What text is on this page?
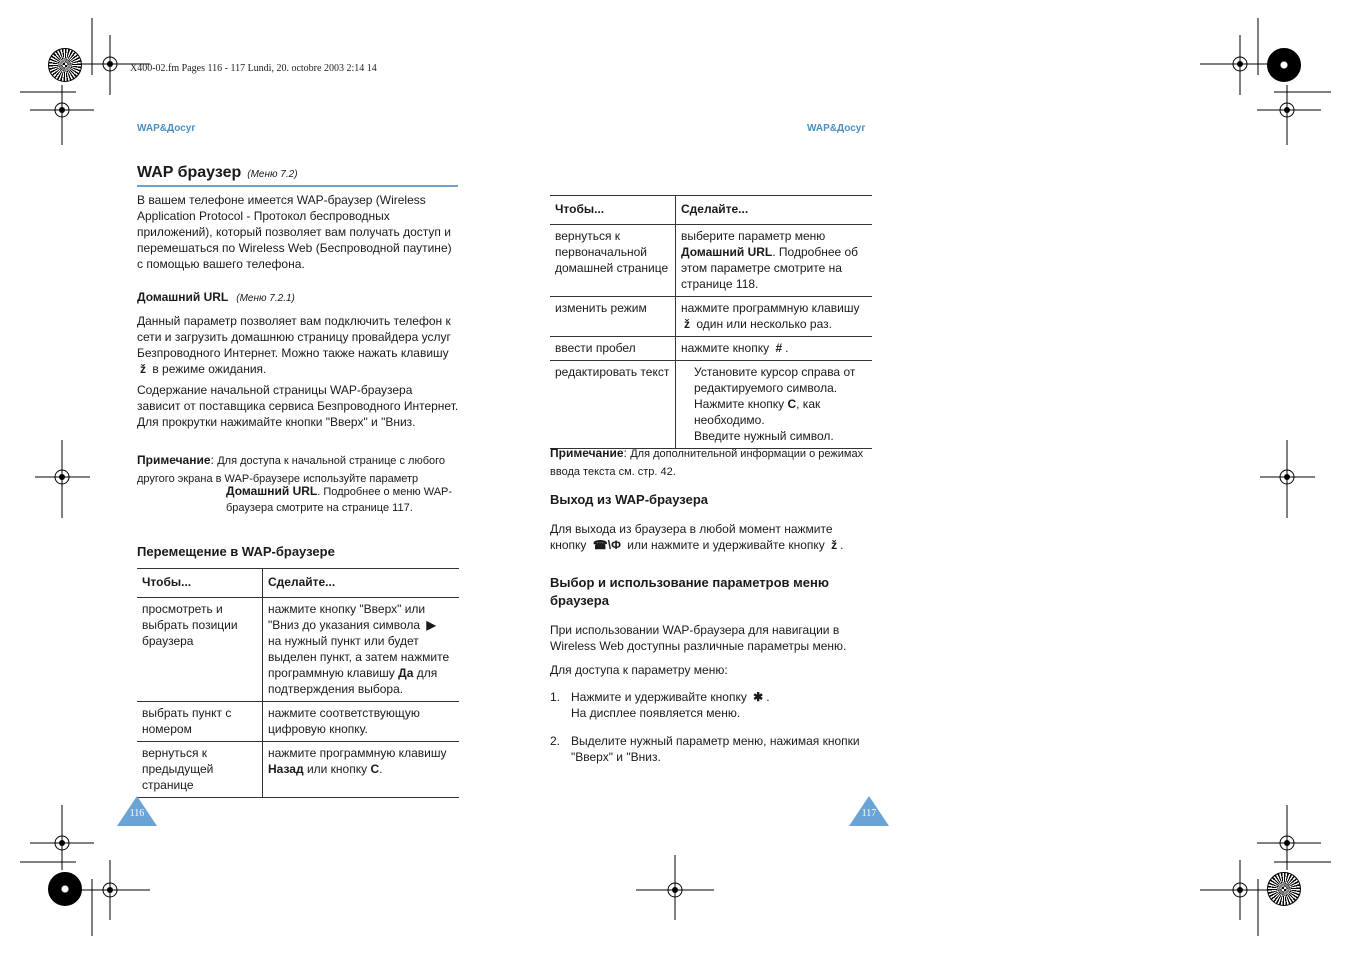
X400-02.fm Pages 116 - 117 Lundi, 20. octobre 2003 2:14 14
WAP&Досуг
WAP браузер (Меню 7.2)

В вашем телефоне имеется WAP-браузер (Wireless Application Protocol - Протокол беспроводных приложений), который позволяет вам получать доступ и перемешаться по Wireless Web (Беспроводной паутине) с помощью вашего телефона.

Домашний URL (Меню 7.2.1)

Данный параметр позволяет вам подключить телефон к сети и загрузить домашнюю страницу провайдера услуг Безпроводного Интернет. Можно также нажать клавишу ž в режиме ожидания.

Содержание начальной страницы WAP-браузера зависит от поставщика сервиса Безпроводного Интернет. Для прокрутки нажимайте кнопки "Вверх" и "Вниз.

Примечание: Для доступа к начальной странице с любого другого экрана в WAP-браузере используйте параметр
Домашний URL. Подробнее о меню WAP-браузера смотрите на странице 117.
Перемещение в WAP-браузере
Чтобы...	Сделайте...
просмотреть и выбрать позиции браузера	нажмите кнопку "Вверх" или "Вниз до указания символа ▶ на нужный пункт или будет выделен пункт, а затем нажмите программную клавишу Да для подтверждения выбора.
выбрать пункт с номером	нажмите соответствующую цифровую кнопку.
вернуться к предыдущей странице	нажмите программную клавишу Назад или кнопку C.
116
WAP&Досуг
Чтобы...	Сделайте...
вернуться к первоначальной домашней странице	выберите параметр меню Домашний URL. Подробнее об этом параметре смотрите на странице 118.
изменить режим	нажмите программную клавишу ž один или несколько раз.
ввести пробел	нажмите кнопку # .
редактировать текст	Установите курсор справа от редактируемого символа.
Нажмите кнопку C, как необходимо.
Введите нужный символ.
Примечание: Для дополнительной информации о режимах ввода текста см. стр. 42.
Выход из WAP-браузера

Для выхода из браузера в любой момент нажмите кнопку ☎\Φ или нажмите и удерживайте кнопку ž .

Выбор и использование параметров меню браузера

При использовании WAP-браузера для навигации в Wireless Web доступны различные параметры меню.

Для доступа к параметру меню:

1. Нажмите и удерживайте кнопку ✱ .
На дисплее появляется меню.

2. Выделите нужный параметр меню, нажимая кнопки "Вверх" и "Вниз.

117
